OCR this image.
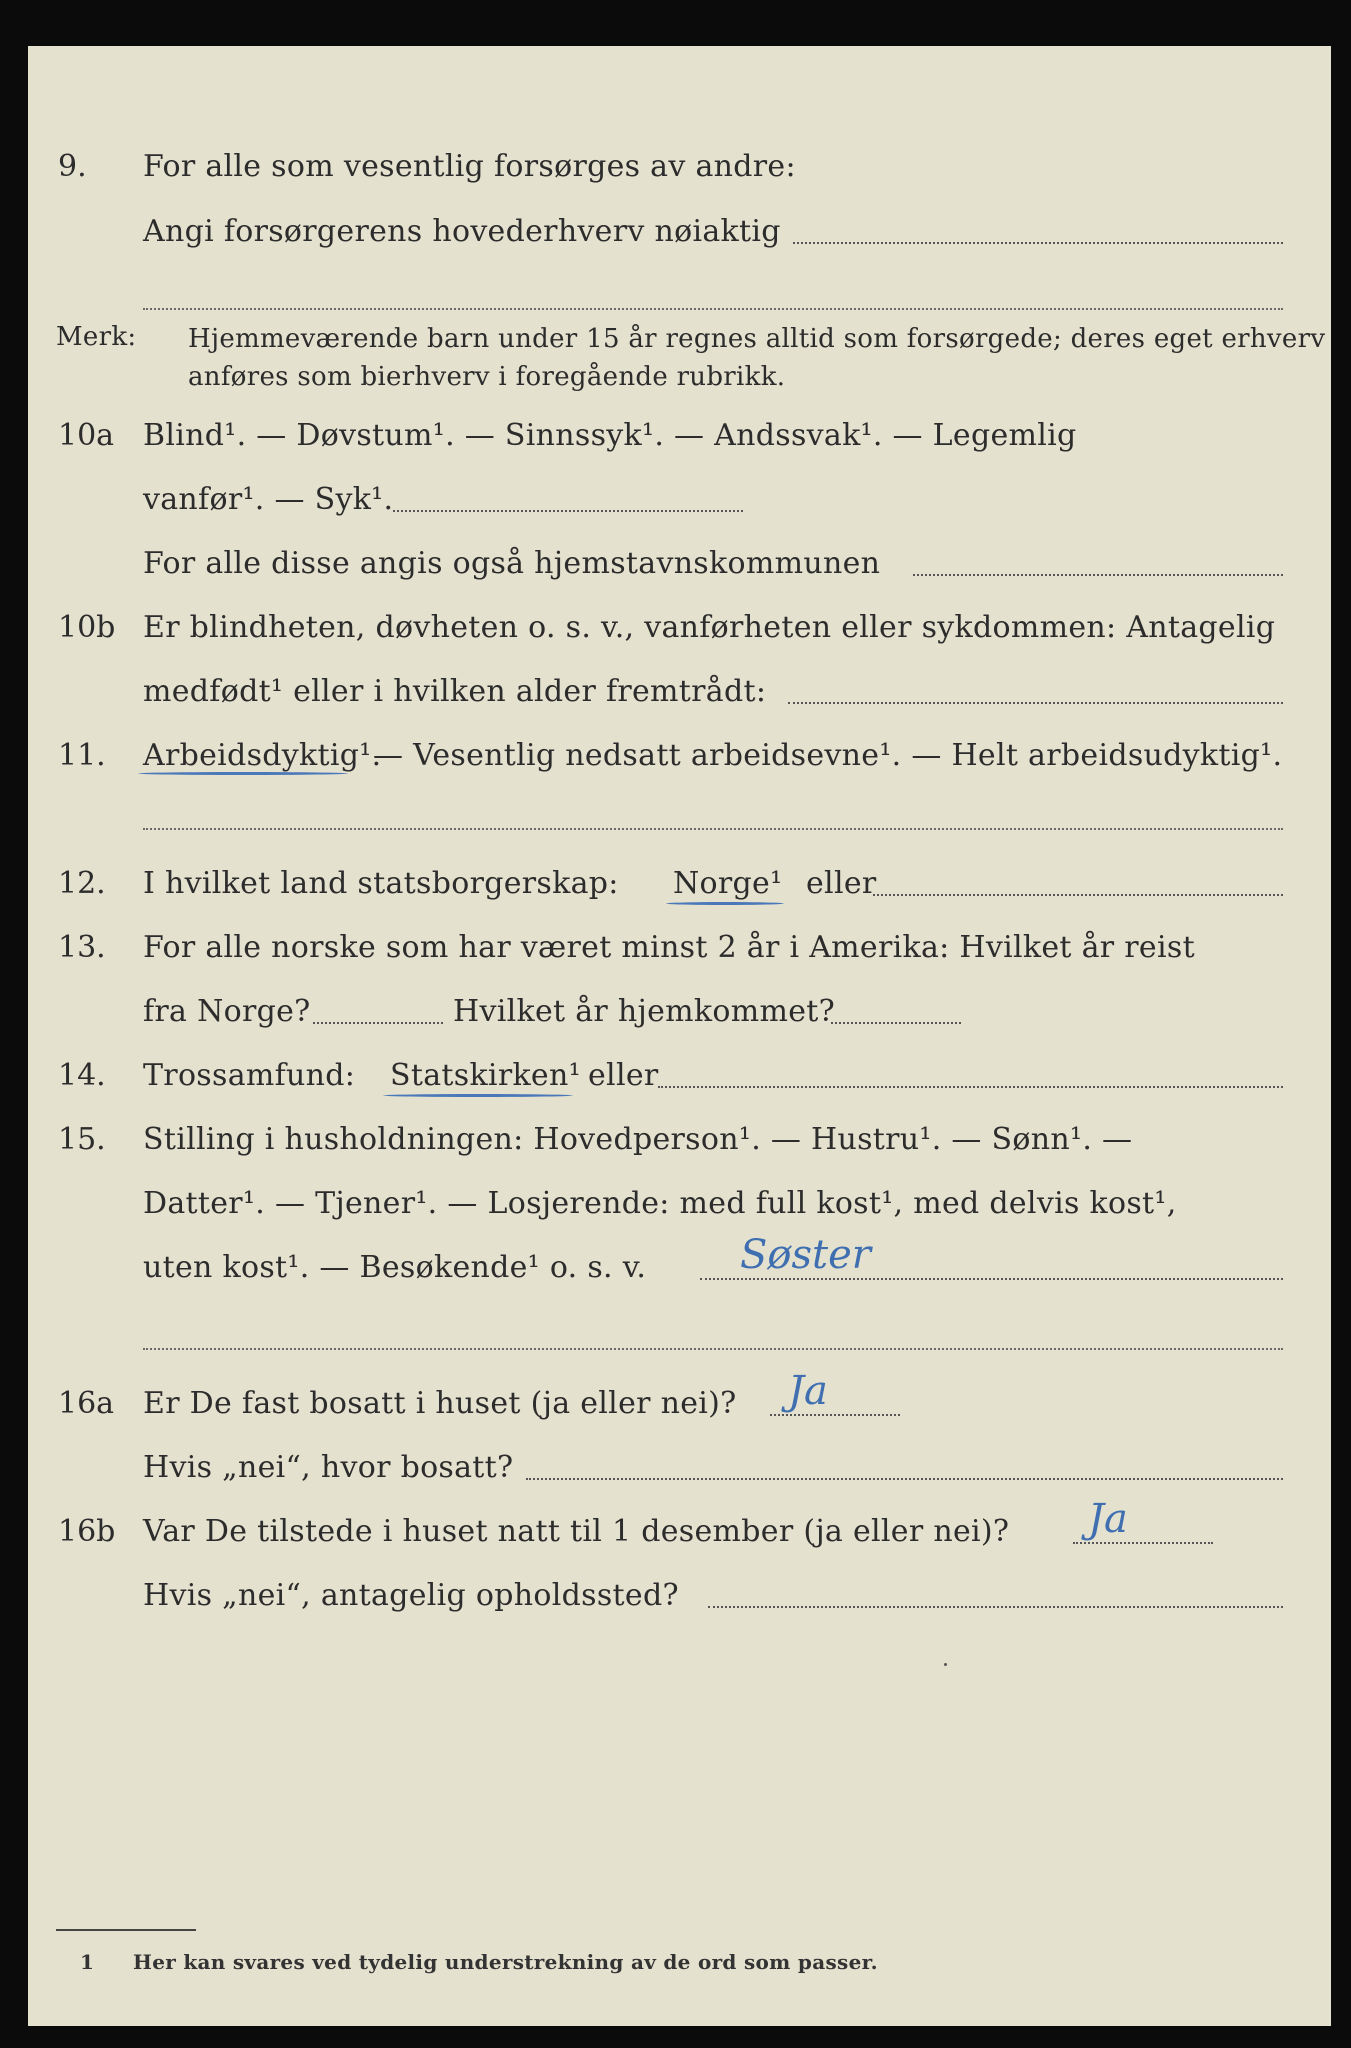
9. For alle som vesentlig forsørges av andre:
Angi forsørgerens hovederhverv nøiaktig
Merk: Hjemmeværende barn under 15 år regnes alltid som forsørgede; deres eget erhverv
anføres som bierhverv i foregående rubrikk.
10a Blind¹. — Døvstum¹. — Sinnssyk¹. — Andssvak¹. — Legemlig
vanfør¹. — Syk¹.
For alle disse angis også hjemstavnskommunen
10b Er blindheten, døvheten o. s. v., vanførheten eller sykdommen: Antagelig
medfødt¹ eller i hvilken alder fremtrådt:
11. Arbeidsdyktig¹.
— Vesentlig nedsatt arbeidsevne¹. — Helt arbeidsudyktig¹.
12. I hvilket land statsborgerskap: Norge¹ eller
13. For alle norske som har været minst 2 år i Amerika: Hvilket år reist
fra Norge?	Hvilket år hjemkommet?
14. Trossamfund: Statskirken¹ eller
15. Stilling i husholdningen: Hovedperson¹. — Hustru¹. — Sønn¹. —
Datter¹. — Tjener¹. — Losjerende: med full kost¹, med delvis kost¹,
uten kost¹. — Besøkende¹ o. s. v. Søster
16a Er De fast bosatt i huset (ja eller nei)? Ja
Hvis „nei“, hvor bosatt?
16b Var De tilstede i huset natt til 1 desember (ja eller nei)? Ja
Hvis „nei“, antagelig opholdssted?
1 Her kan svares ved tydelig understrekning av de ord som passer.
